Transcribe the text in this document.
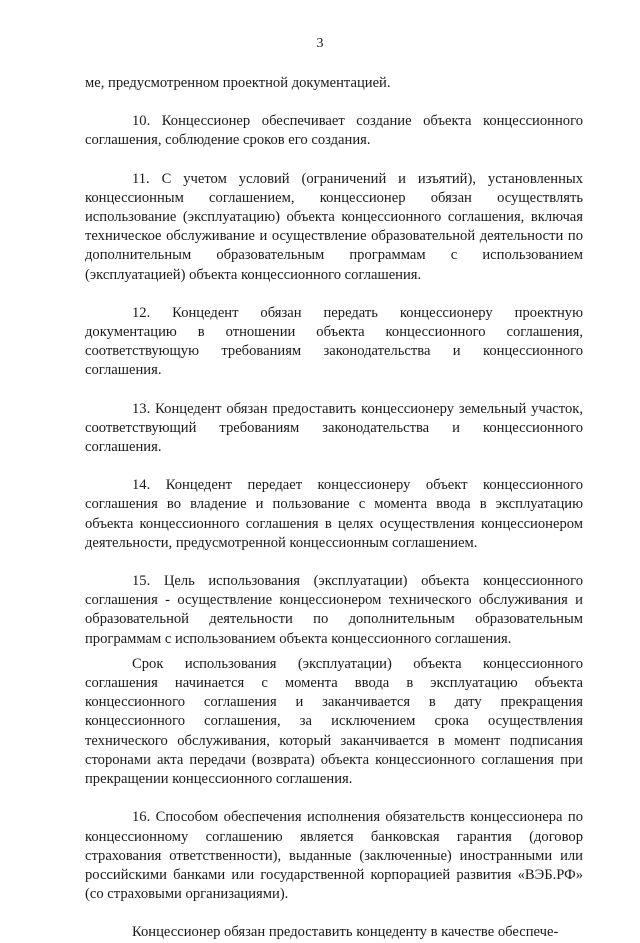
3

ме, предусмотренном проектной документацией.

10. Концессионер обеспечивает создание объекта концессионного соглашения, соблюдение сроков его создания.

11. С учетом условий (ограничений и изъятий), установленных концессионным соглашением, концессионер обязан осуществлять использование (эксплуатацию) объекта концессионного соглашения, включая техническое обслуживание и осуществление образовательной деятельности по дополнительным образовательным программам с использованием (эксплуатацией) объекта концессионного соглашения.

12. Концедент обязан передать концессионеру проектную документацию в отношении объекта концессионного соглашения, соответствующую требованиям законодательства и концессионного соглашения.

13. Концедент обязан предоставить концессионеру земельный участок, соответствующий требованиям законодательства и концессионного соглашения.

14. Концедент передает концессионеру объект концессионного соглашения во владение и пользование с момента ввода в эксплуатацию объекта концессионного соглашения в целях осуществления концессионером деятельности, предусмотренной концессионным соглашением.

15. Цель использования (эксплуатации) объекта концессионного соглашения - осуществление концессионером технического обслуживания и образовательной деятельности по дополнительным образовательным программам с использованием объекта концессионного соглашения.

Срок использования (эксплуатации) объекта концессионного соглашения начинается с момента ввода в эксплуатацию объекта концессионного соглашения и заканчивается в дату прекращения концессионного соглашения, за исключением срока осуществления технического обслуживания, который заканчивается в момент подписания сторонами акта передачи (возврата) объекта концессионного соглашения при прекращении концессионного соглашения.

16. Способом обеспечения исполнения обязательств концессионера по концессионному соглашению является банковская гарантия (договор страхования ответственности), выданные (заключенные) иностранными или российскими банками или государственной корпорацией развития «ВЭБ.РФ» (со страховыми организациями).

Концессионер обязан предоставить концеденту в качестве обеспече-
